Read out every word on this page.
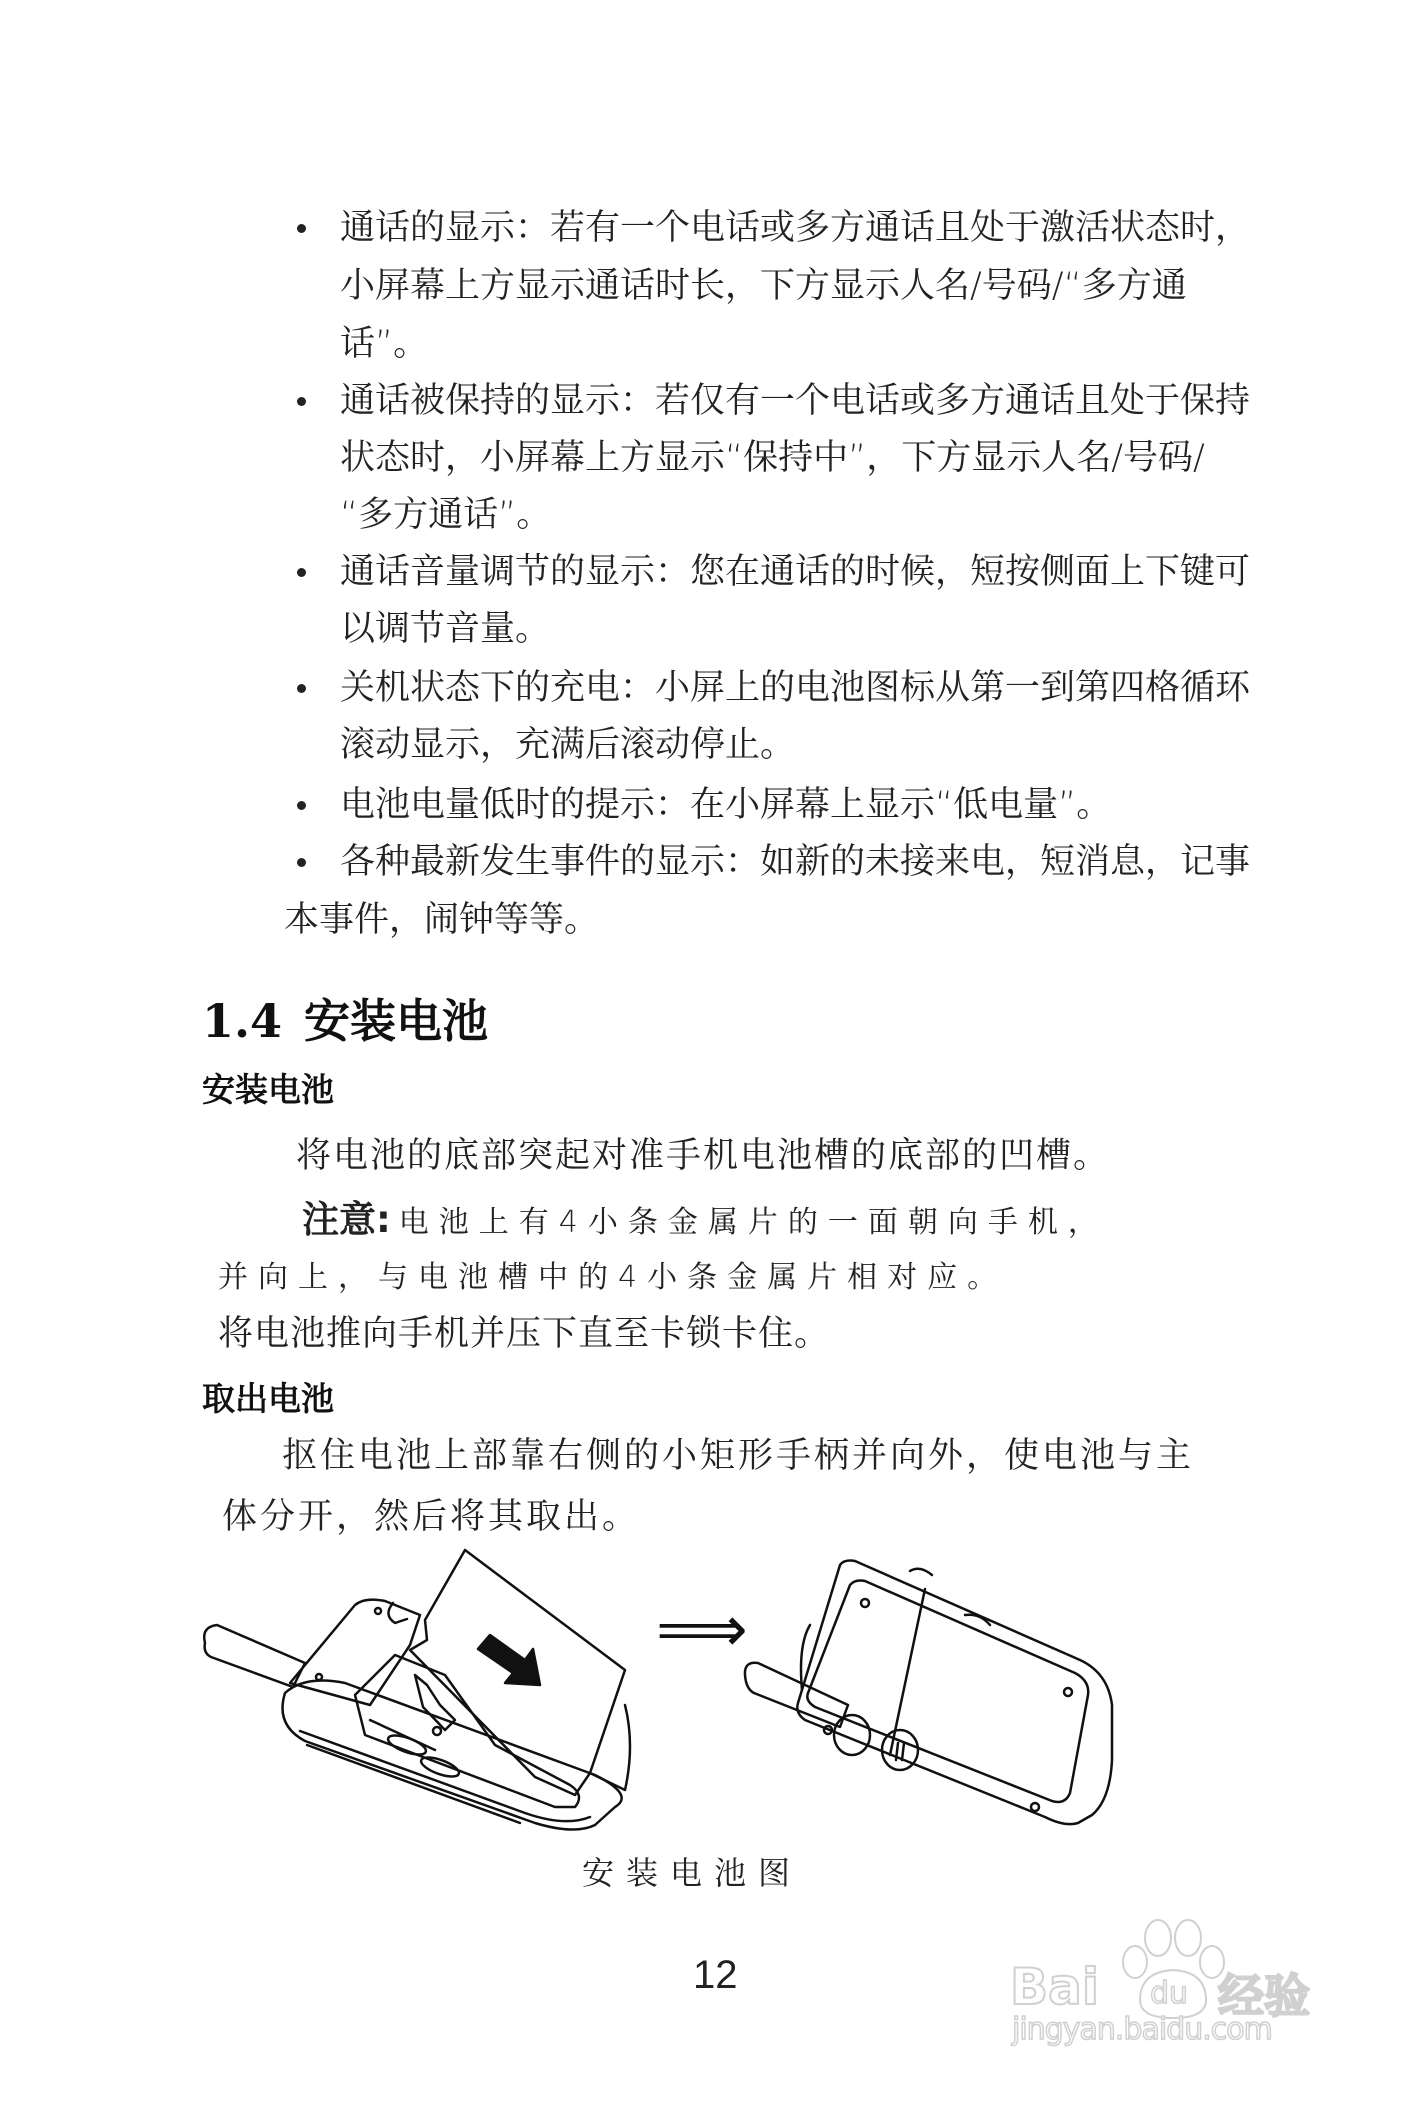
通话的显示：若有一个电话或多方通话且处于激活状态时，
小屏幕上方显示通话时长，下方显示人名/号码/“多方通
话”。
通话被保持的显示：若仅有一个电话或多方通话且处于保持
状态时，小屏幕上方显示“保持中”，下方显示人名/号码/
“多方通话”。
通话音量调节的显示：您在通话的时候，短按侧面上下键可
以调节音量。
关机状态下的充电：小屏上的电池图标从第一到第四格循环
滚动显示，充满后滚动停止。
电池电量低时的提示：在小屏幕上显示“低电量”。
各种最新发生事件的显示：如新的未接来电，短消息，记事
本事件，闹钟等等。
1.4 安装电池
安装电池
将电池的底部突起对准手机电池槽的底部的凹槽。
注意: 电池上有4小条金属片的一面朝向手机，
并向上，与电池槽中的4小条金属片相对应。
将电池推向手机并压下直至卡锁卡住。
取出电池
抠住电池上部靠右侧的小矩形手柄并向外，使电池与主
体分开，然后将其取出。
⟹
安装电池图
12	Bai du 经验
jingyan.baidu.com
